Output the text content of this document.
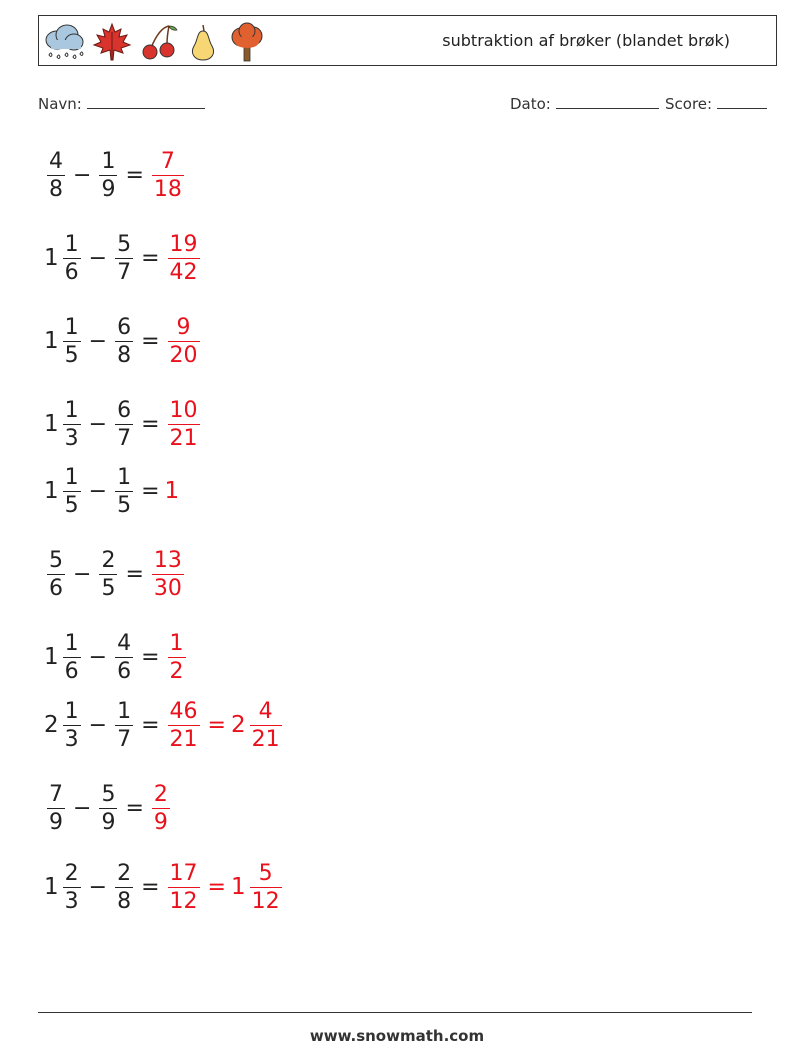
subtraktion af brøker (blandet brøk)
Navn:	Dato:	Score:
$\frac{4}{8} - \frac{1}{9} = \frac{7}{18}$
$1 \frac{1}{6} - \frac{5}{7} = \frac{19}{42}$
$1 \frac{1}{5} - \frac{6}{8} = \frac{9}{20}$
$1 \frac{1}{3} - \frac{6}{7} = \frac{10}{21}$
$1 \frac{1}{5} - \frac{1}{5} = 1$
$\frac{5}{6} - \frac{2}{5} = \frac{13}{30}$
$1 \frac{1}{6} - \frac{4}{6} = \frac{1}{2}$
$2 \frac{1}{3} - \frac{1}{7} = \frac{46}{21} = 2 \frac{4}{21}$
$\frac{7}{9} - \frac{5}{9} = \frac{2}{9}$
$1 \frac{2}{3} - \frac{2}{8} = \frac{17}{12} = 1 \frac{5}{12}$
www.snowmath.com
